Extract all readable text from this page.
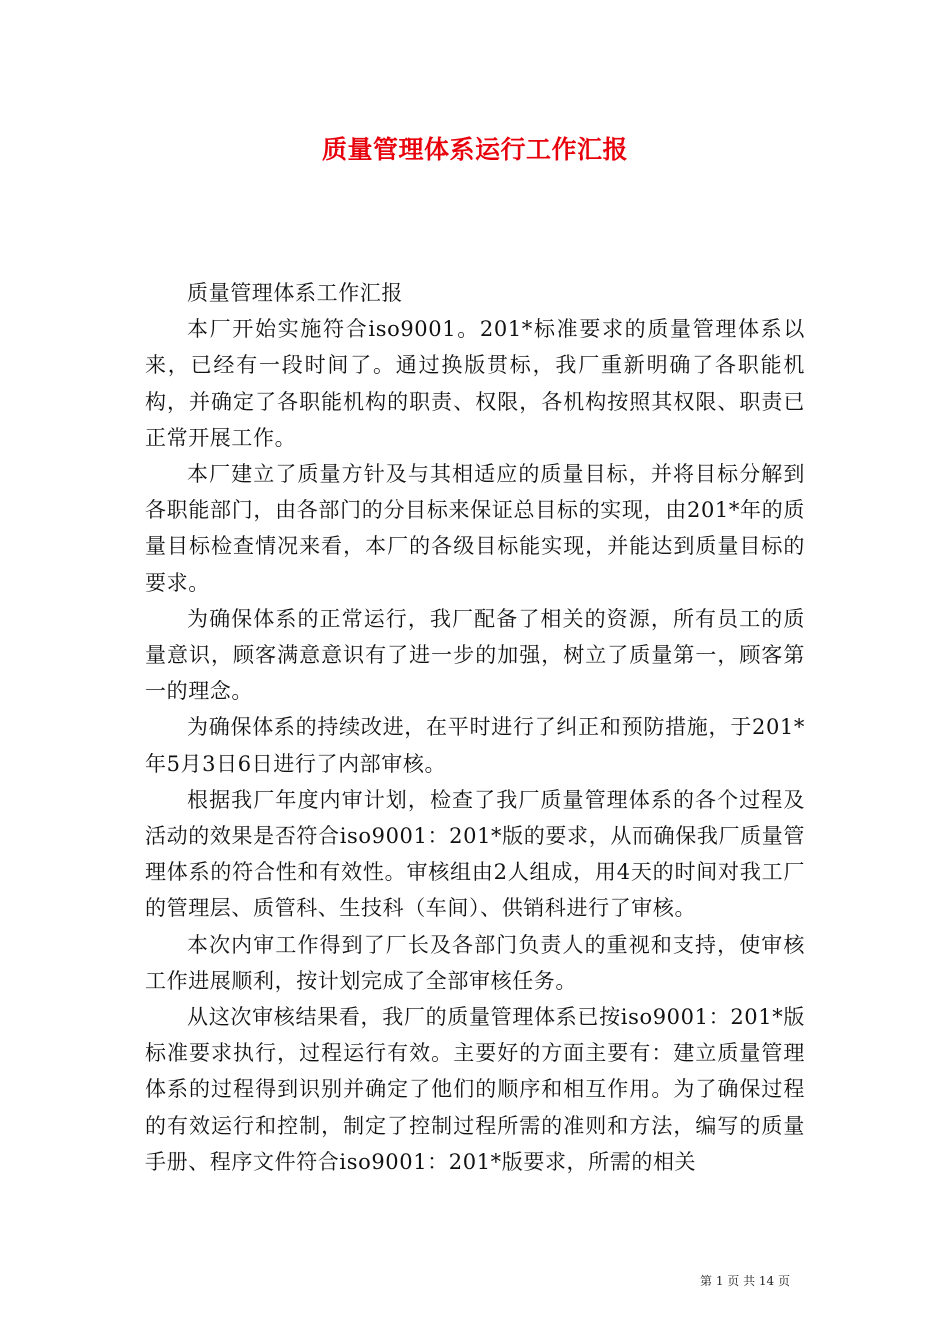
质量管理体系运行工作汇报

质量管理体系工作汇报

本厂开始实施符合iso9001。201*标准要求的质量管理体系以来，已经有一段时间了。通过换版贯标，我厂重新明确了各职能机构，并确定了各职能机构的职责、权限，各机构按照其权限、职责已正常开展工作。

本厂建立了质量方针及与其相适应的质量目标，并将目标分解到各职能部门，由各部门的分目标来保证总目标的实现，由201*年的质量目标检查情况来看，本厂的各级目标能实现，并能达到质量目标的要求。

为确保体系的正常运行，我厂配备了相关的资源，所有员工的质量意识，顾客满意意识有了进一步的加强，树立了质量第一，顾客第一的理念。

为确保体系的持续改进，在平时进行了纠正和预防措施，于201*年5月3日6日进行了内部审核。

根据我厂年度内审计划，检查了我厂质量管理体系的各个过程及活动的效果是否符合iso9001：201*版的要求，从而确保我厂质量管理体系的符合性和有效性。审核组由2人组成，用4天的时间对我工厂的管理层、质管科、生技科（车间）、供销科进行了审核。

本次内审工作得到了厂长及各部门负责人的重视和支持，使审核工作进展顺利，按计划完成了全部审核任务。

从这次审核结果看，我厂的质量管理体系已按iso9001：201*版标准要求执行，过程运行有效。主要好的方面主要有：建立质量管理体系的过程得到识别并确定了他们的顺序和相互作用。为了确保过程的有效运行和控制，制定了控制过程所需的准则和方法，编写的质量手册、程序文件符合iso9001：201*版要求，所需的相关

第 1 页 共 14 页
